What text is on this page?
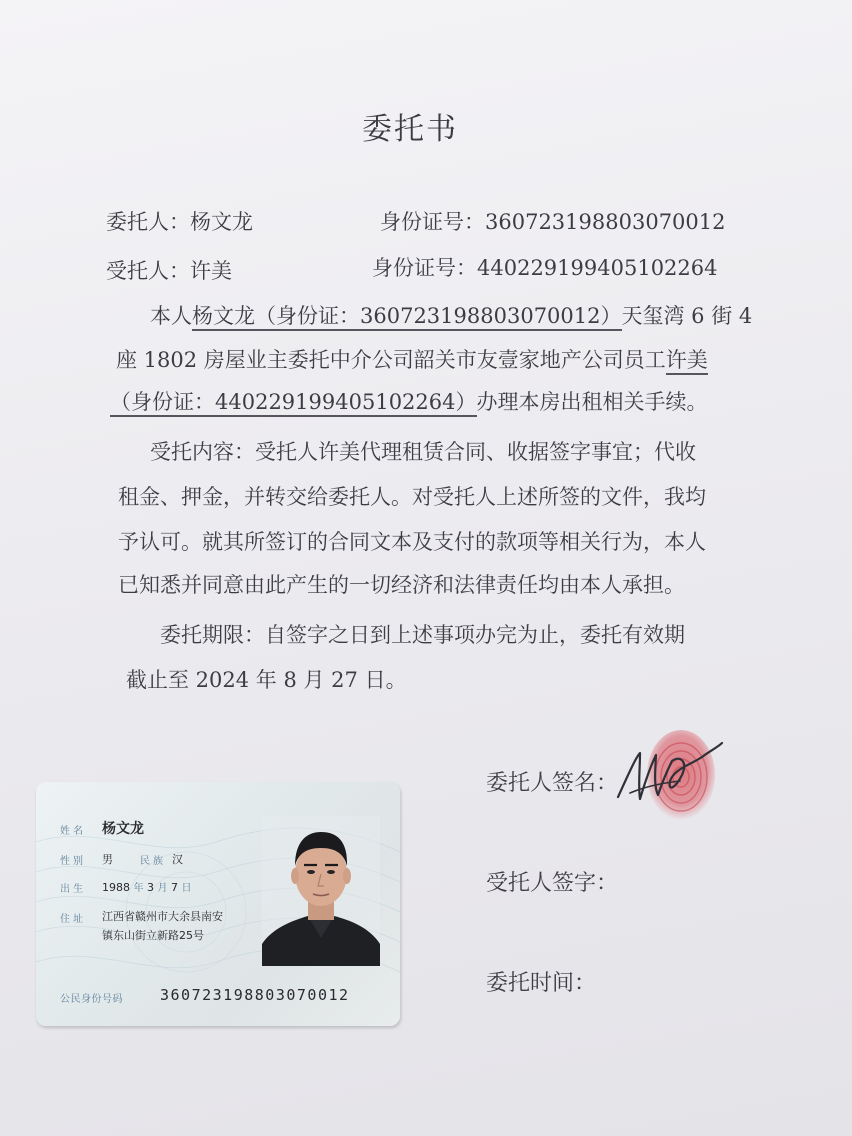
委托书
委托人：杨文龙	身份证号：360723198803070012
受托人：许美	身份证号：440229199405102264
本人杨文龙（身份证：360723198803070012）天玺湾 6 街 4
座 1802 房屋业主委托中介公司韶关市友壹家地产公司员工许美
（身份证：440229199405102264）办理本房出租相关手续。
受托内容：受托人许美代理租赁合同、收据签字事宜；代收
租金、押金，并转交给委托人。对受托人上述所签的文件，我均
予认可。就其所签订的合同文本及支付的款项等相关行为，本人
已知悉并同意由此产生的一切经济和法律责任均由本人承担。
委托期限：自签字之日到上述事项办完为止，委托有效期
截止至 2024 年 8 月 27 日。
委托人签名：
受托人签字：
委托时间：
姓名 杨文龙
性别 男	民族 汉
出生 1988 年 3 月 7 日
住址 江西省赣州市大余县南安
镇东山街立新路25号
公民身份号码 360723198803070012
